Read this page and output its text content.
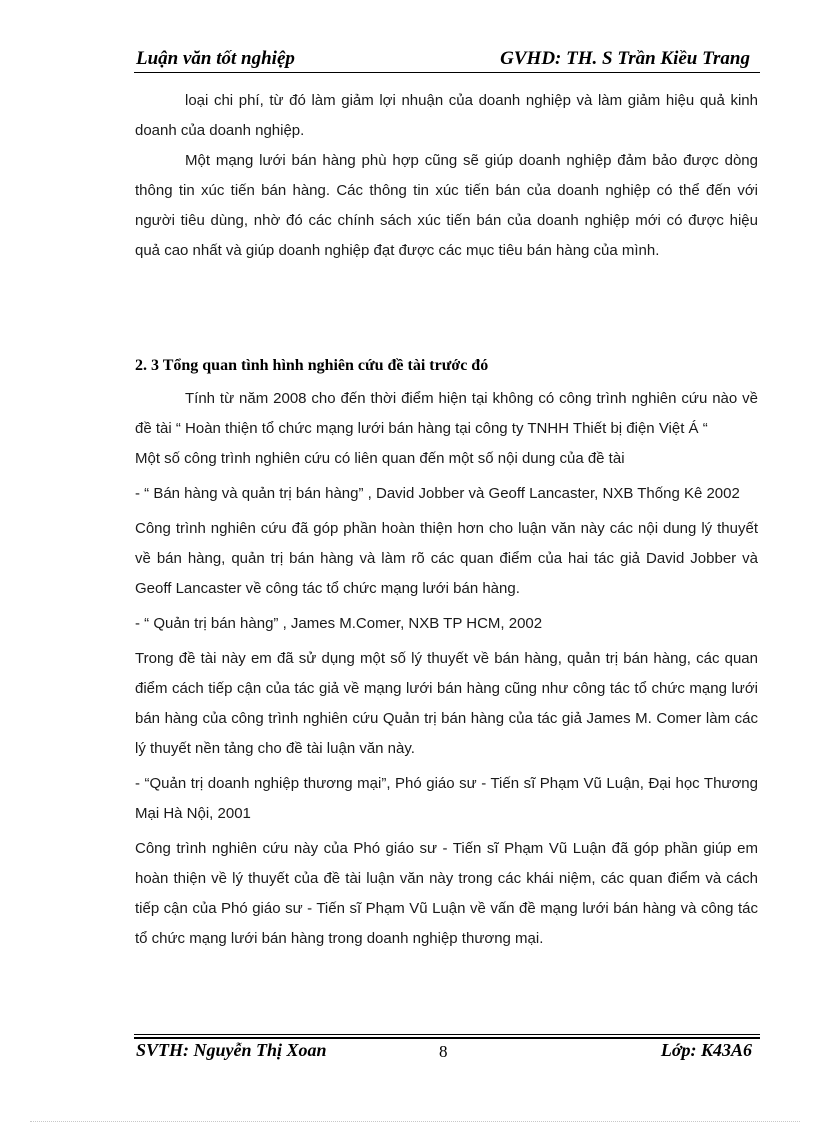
Luận văn tốt nghiệp	GVHD: TH. S Trần Kiều Trang

loại chi phí, từ đó làm giảm lợi nhuận của doanh nghiệp và làm giảm hiệu quả kinh doanh của doanh nghiệp.

Một mạng lưới bán hàng phù hợp cũng sẽ giúp doanh nghiệp đảm bảo được dòng thông tin xúc tiến bán hàng. Các thông tin xúc tiến bán của doanh nghiệp có thể đến với người tiêu dùng, nhờ đó các chính sách xúc tiến bán của doanh nghiệp mới có được hiệu quả cao nhất và giúp doanh nghiệp đạt được các mục tiêu bán hàng của mình.

2. 3 Tổng quan tình hình nghiên cứu đề tài trước đó

Tính từ năm 2008 cho đến thời điểm hiện tại không có công trình nghiên cứu nào về đề tài “ Hoàn thiện tổ chức mạng lưới bán hàng tại công ty TNHH Thiết bị điện Việt Á “

Một số công trình nghiên cứu có liên quan đến một số nội dung của đề tài

- “ Bán hàng và quản trị bán hàng” , David Jobber và Geoff Lancaster, NXB Thống Kê 2002

Công trình nghiên cứu đã góp phần hoàn thiện hơn cho luận văn này các nội dung lý thuyết về bán hàng, quản trị bán hàng và làm rõ các quan điểm của hai tác giả David Jobber và Geoff Lancaster về công tác tổ chức mạng lưới bán hàng.

- “ Quản trị bán hàng” , James M.Comer, NXB TP HCM, 2002

Trong đề tài này em đã sử dụng một số lý thuyết về bán hàng, quản trị bán hàng, các quan điểm cách tiếp cận của tác giả về mạng lưới bán hàng cũng như công tác tổ chức mạng lưới bán hàng của công trình nghiên cứu Quản trị bán hàng của tác giả James M. Comer làm các lý thuyết nền tảng cho đề tài luận văn này.

- “Quản trị doanh nghiệp thương mại”, Phó giáo sư - Tiến sĩ Phạm Vũ Luận, Đại học Thương Mại Hà Nội, 2001

Công trình nghiên cứu này của Phó giáo sư - Tiến sĩ Phạm Vũ Luận đã góp phần giúp em hoàn thiện về lý thuyết của đề tài luận văn này trong các khái niệm, các quan điểm và cách tiếp cận của Phó giáo sư - Tiến sĩ Phạm Vũ Luận về vấn đề mạng lưới bán hàng và công tác tổ chức mạng lưới bán hàng trong doanh nghiệp thương mại.

SVTH: Nguyễn Thị Xoan	8	Lớp: K43A6
